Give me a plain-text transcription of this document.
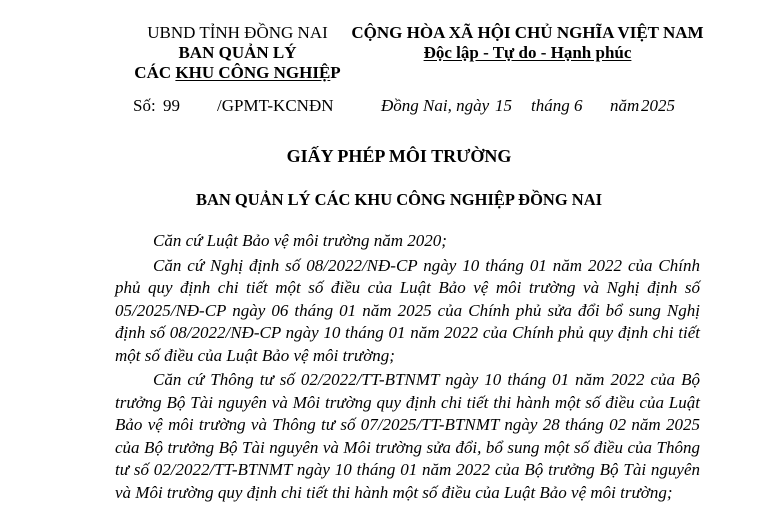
UBND TỈNH ĐỒNG NAI
BAN QUẢN LÝ
CÁC KHU CÔNG NGHIỆP
CỘNG HÒA XÃ HỘI CHỦ NGHĨA VIỆT NAM
Độc lập - Tự do - Hạnh phúc
Số: 99 /GPMT-KCNĐN	Đồng Nai, ngày 15 tháng 6 năm 2025
GIẤY PHÉP MÔI TRƯỜNG
BAN QUẢN LÝ CÁC KHU CÔNG NGHIỆP ĐỒNG NAI
Căn cứ Luật Bảo vệ môi trường năm 2020;
Căn cứ Nghị định số 08/2022/NĐ-CP ngày 10 tháng 01 năm 2022 của Chính phủ quy định chi tiết một số điều của Luật Bảo vệ môi trường và Nghị định số 05/2025/NĐ-CP ngày 06 tháng 01 năm 2025 của Chính phủ sửa đổi bổ sung Nghị định số 08/2022/NĐ-CP ngày 10 tháng 01 năm 2022 của Chính phủ quy định chi tiết một số điều của Luật Bảo vệ môi trường;
Căn cứ Thông tư số 02/2022/TT-BTNMT ngày 10 tháng 01 năm 2022 của Bộ trưởng Bộ Tài nguyên và Môi trường quy định chi tiết thi hành một số điều của Luật Bảo vệ môi trường và Thông tư số 07/2025/TT-BTNMT ngày 28 tháng 02 năm 2025 của Bộ trưởng Bộ Tài nguyên và Môi trường sửa đổi, bổ sung một số điều của Thông tư số 02/2022/TT-BTNMT ngày 10 tháng 01 năm 2022 của Bộ trưởng Bộ Tài nguyên và Môi trường quy định chi tiết thi hành một số điều của Luật Bảo vệ môi trường;
